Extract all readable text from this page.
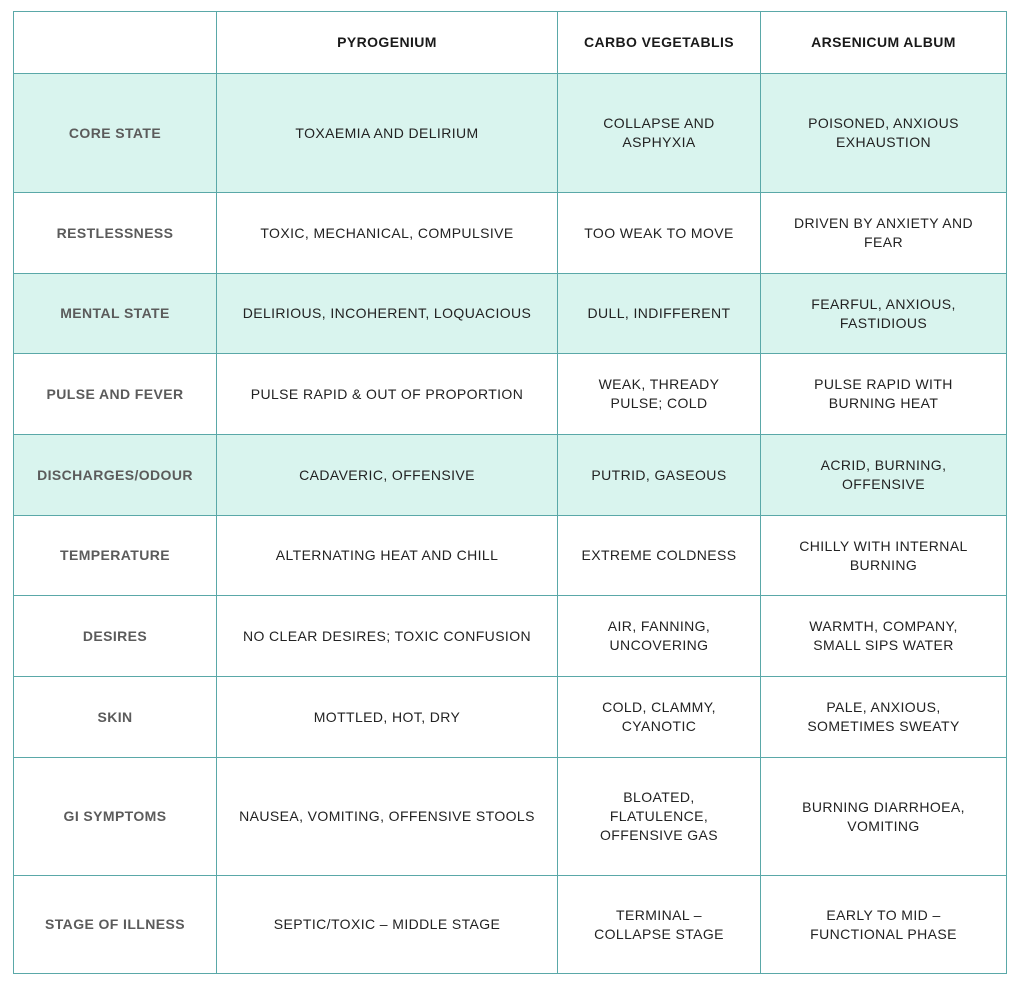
	PYROGENIUM	CARBO VEGETABLIS	ARSENICUM ALBUM
CORE STATE	TOXAEMIA AND DELIRIUM	COLLAPSE AND ASPHYXIA	POISONED, ANXIOUS EXHAUSTION
RESTLESSNESS	TOXIC, MECHANICAL, COMPULSIVE	TOO WEAK TO MOVE	DRIVEN BY ANXIETY AND FEAR
MENTAL STATE	DELIRIOUS, INCOHERENT, LOQUACIOUS	DULL, INDIFFERENT	FEARFUL, ANXIOUS, FASTIDIOUS
PULSE AND FEVER	PULSE RAPID & OUT OF PROPORTION	WEAK, THREADY PULSE; COLD	PULSE RAPID WITH BURNING HEAT
DISCHARGES/ODOUR	CADAVERIC, OFFENSIVE	PUTRID, GASEOUS	ACRID, BURNING, OFFENSIVE
TEMPERATURE	ALTERNATING HEAT AND CHILL	EXTREME COLDNESS	CHILLY WITH INTERNAL BURNING
DESIRES	NO CLEAR DESIRES; TOXIC CONFUSION	AIR, FANNING, UNCOVERING	WARMTH, COMPANY, SMALL SIPS WATER
SKIN	MOTTLED, HOT, DRY	COLD, CLAMMY, CYANOTIC	PALE, ANXIOUS, SOMETIMES SWEATY
GI SYMPTOMS	NAUSEA, VOMITING, OFFENSIVE STOOLS	BLOATED, FLATULENCE, OFFENSIVE GAS	BURNING DIARRHOEA, VOMITING
STAGE OF ILLNESS	SEPTIC/TOXIC – MIDDLE STAGE	TERMINAL – COLLAPSE STAGE	EARLY TO MID – FUNCTIONAL PHASE
